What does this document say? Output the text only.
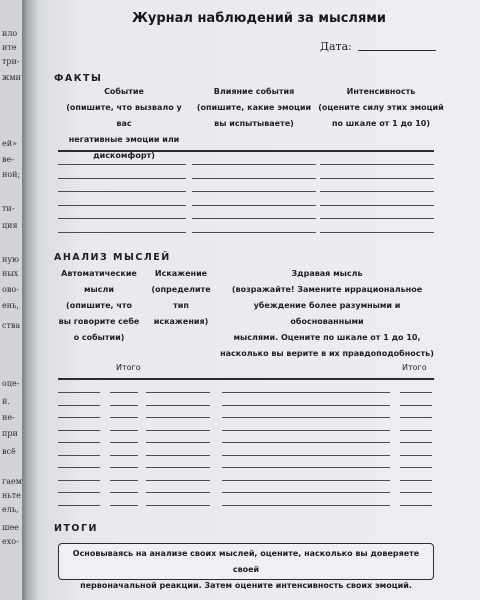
ило
ите
три-
жми
ей»
ве-
ной;
ти-
ция
ную
ных
ово-
ень,
ства
оце-
й.
не-
при
всё
гаем
ньте
ель,
шее
ехо-
Журнал наблюдений за мыслями
Дата:
ФАКТЫ
Событие
(опишите, что вызвало у вас
негативные эмоции или
дискомфорт)
Влияние события
(опишите, какие эмоции
вы испытываете)
Интенсивность
(оцените силу этих эмоций
по шкале от 1 до 10)
АНАЛИЗ МЫСЛЕЙ
Автоматические
мысли
(опишите, что
вы говорите себе
о событии)
Искажение
(определите
тип
искажения)
Здравая мысль
(возражайте! Замените иррациональное
убеждение более разумными и обоснованными
мыслями. Оцените по шкале от 1 до 10,
насколько вы верите в их правдоподобность)
Итого	Итого
ИТОГИ
Основываясь на анализе своих мыслей, оцените, насколько вы доверяете своей
первоначальной реакции. Затем оцените интенсивность своих эмоций.
